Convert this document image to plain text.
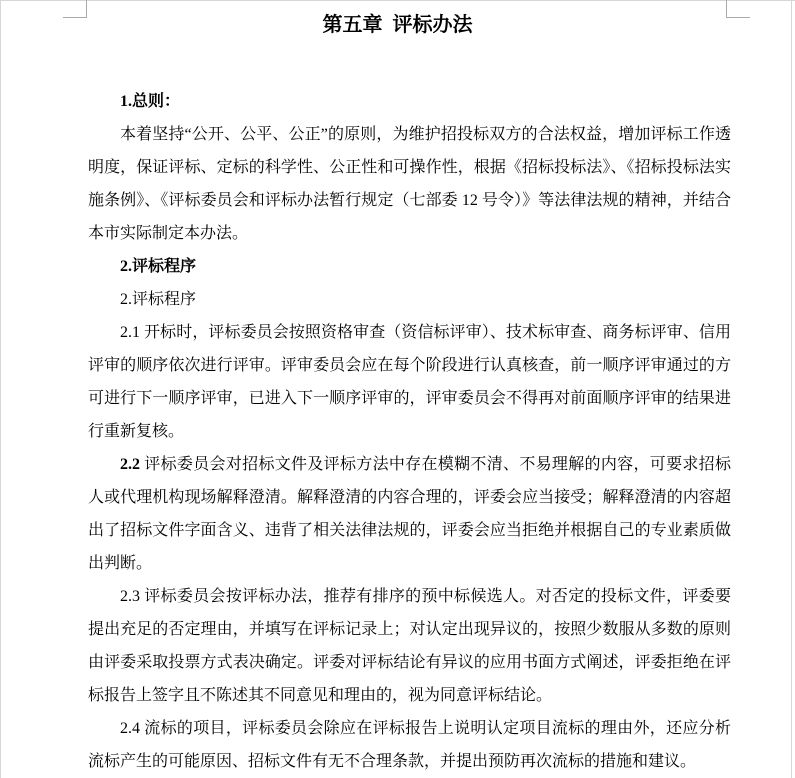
第五章  评标办法

1.总则：

本着坚持“公开、公平、公正”的原则，为维护招投标双方的合法权益，增加评标工作透明度，保证评标、定标的科学性、公正性和可操作性，根据《招标投标法》、《招标投标法实施条例》、《评标委员会和评标办法暂行规定（七部委 12 号令）》等法律法规的精神，并结合本市实际制定本办法。

2.评标程序

2.评标程序

2.1 开标时，评标委员会按照资格审查（资信标评审）、技术标审查、商务标评审、信用评审的顺序依次进行评审。评审委员会应在每个阶段进行认真核查，前一顺序评审通过的方可进行下一顺序评审，已进入下一顺序评审的，评审委员会不得再对前面顺序评审的结果进行重新复核。

2.2 评标委员会对招标文件及评标方法中存在模糊不清、不易理解的内容，可要求招标人或代理机构现场解释澄清。解释澄清的内容合理的，评委会应当接受；解释澄清的内容超出了招标文件字面含义、违背了相关法律法规的，评委会应当拒绝并根据自己的专业素质做出判断。

2.3 评标委员会按评标办法，推荐有排序的预中标候选人。对否定的投标文件，评委要提出充足的否定理由，并填写在评标记录上；对认定出现异议的，按照少数服从多数的原则由评委采取投票方式表决确定。评委对评标结论有异议的应用书面方式阐述，评委拒绝在评标报告上签字且不陈述其不同意见和理由的，视为同意评标结论。

2.4 流标的项目，评标委员会除应在评标报告上说明认定项目流标的理由外，还应分析流标产生的可能原因、招标文件有无不合理条款，并提出预防再次流标的措施和建议。
